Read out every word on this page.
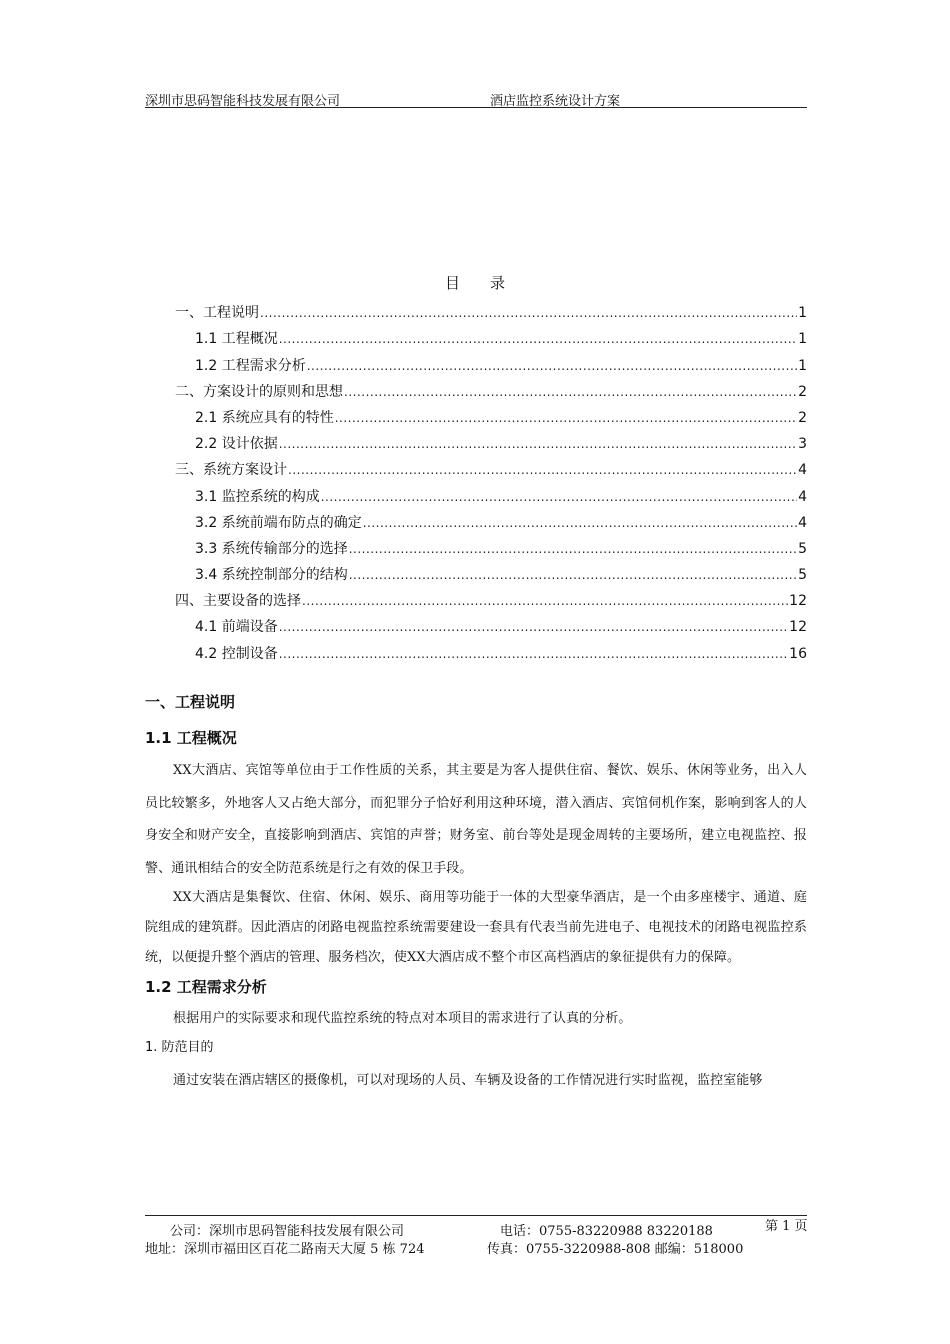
深圳市思码智能科技发展有限公司	酒店监控系统设计方案
目　　录
一、工程说明 .....	1
1.1 工程概况 .....	1
1.2 工程需求分析 .....	1
二、方案设计的原则和思想 .....	2
2.1 系统应具有的特性 .....	2
2.2 设计依据 .....	3
三、系统方案设计 .....	4
3.1 监控系统的构成 .....	4
3.2 系统前端布防点的确定 .....	4
3.3 系统传输部分的选择 .....	5
3.4 系统控制部分的结构 .....	5
四、主要设备的选择 .....	12
4.1 前端设备 .....	12
4.2 控制设备 .....	16
一、工程说明
1.1 工程概况

XX大酒店、宾馆等单位由于工作性质的关系，其主要是为客人提供住宿、餐饮、娱乐、休闲等业务，出入人员比较繁多，外地客人又占绝大部分，而犯罪分子恰好利用这种环境，潜入酒店、宾馆伺机作案，影响到客人的人身安全和财产安全，直接影响到酒店、宾馆的声誉；财务室、前台等处是现金周转的主要场所，建立电视监控、报警、通讯相结合的安全防范系统是行之有效的保卫手段。

XX大酒店是集餐饮、住宿、休闲、娱乐、商用等功能于一体的大型豪华酒店，是一个由多座楼宇、通道、庭院组成的建筑群。因此酒店的闭路电视监控系统需要建设一套具有代表当前先进电子、电视技术的闭路电视监控系统，以便提升整个酒店的管理、服务档次，使XX大酒店成不整个市区高档酒店的象征提供有力的保障。

1.2 工程需求分析

根据用户的实际要求和现代监控系统的特点对本项目的需求进行了认真的分析。

1. 防范目的

通过安装在酒店辖区的摄像机，可以对现场的人员、车辆及设备的工作情况进行实时监视，监控室能够

公司：深圳市思码智能科技发展有限公司	电话：0755-83220988 83220188	第 1 页
地址：深圳市福田区百花二路南天大厦 5 栋 724	传真：0755-3220988-808 邮编：518000
